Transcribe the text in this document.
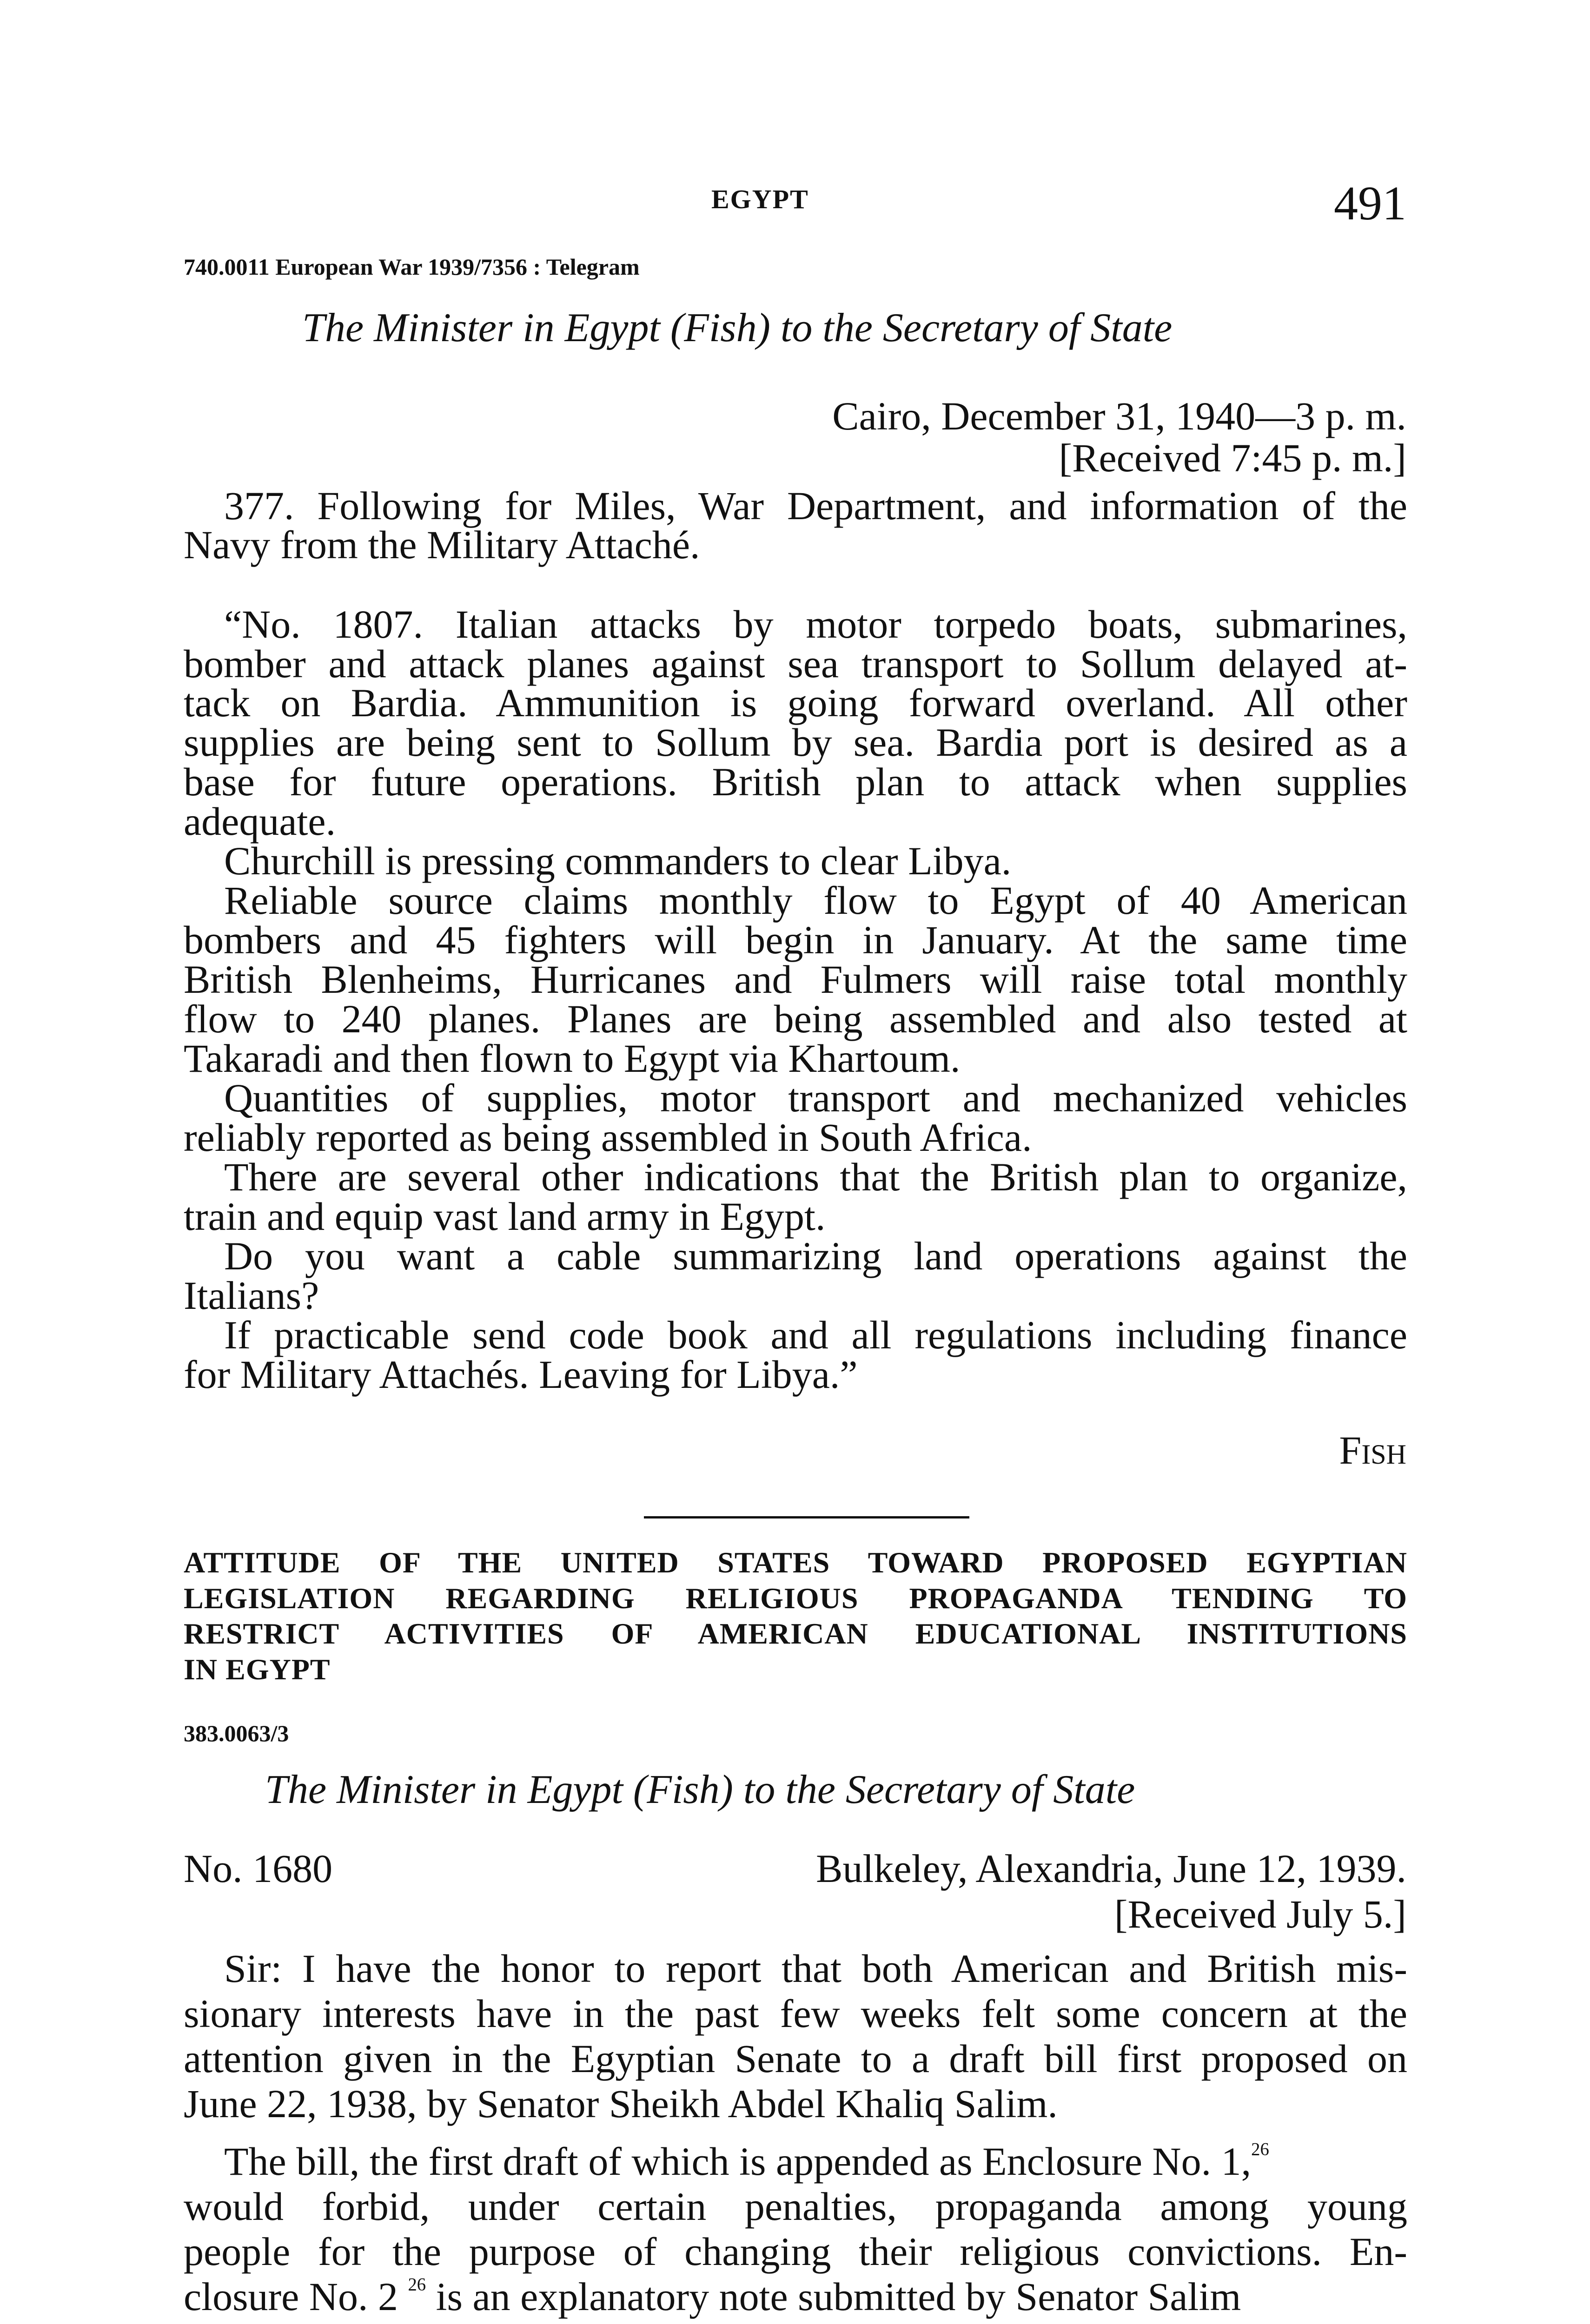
EGYPT	491
740.0011 European War 1939/7356 : Telegram
The Minister in Egypt (Fish) to the Secretary of State
Cairo, December 31, 1940—3 p. m.
[Received 7:45 p. m.]
377. Following for Miles, War Department, and information of the
Navy from the Military Attaché.
“No. 1807. Italian attacks by motor torpedo boats, submarines,
bomber and attack planes against sea transport to Sollum delayed at-
tack on Bardia. Ammunition is going forward overland. All other
supplies are being sent to Sollum by sea. Bardia port is desired as a
base for future operations. British plan to attack when supplies
adequate.
Churchill is pressing commanders to clear Libya.
Reliable source claims monthly flow to Egypt of 40 American
bombers and 45 fighters will begin in January. At the same time
British Blenheims, Hurricanes and Fulmers will raise total monthly
flow to 240 planes. Planes are being assembled and also tested at
Takaradi and then flown to Egypt via Khartoum.
Quantities of supplies, motor transport and mechanized vehicles
reliably reported as being assembled in South Africa.
There are several other indications that the British plan to organize,
train and equip vast land army in Egypt.
Do you want a cable summarizing land operations against the
Italians?
If practicable send code book and all regulations including finance
for Military Attachés. Leaving for Libya.”
Fish
ATTITUDE OF THE UNITED STATES TOWARD PROPOSED EGYPTIAN
LEGISLATION REGARDING RELIGIOUS PROPAGANDA TENDING TO
RESTRICT ACTIVITIES OF AMERICAN EDUCATIONAL INSTITUTIONS
IN EGYPT
383.0063/3
The Minister in Egypt (Fish) to the Secretary of State
No. 1680	Bulkeley, Alexandria, June 12, 1939.
[Received July 5.]
Sir: I have the honor to report that both American and British mis-
sionary interests have in the past few weeks felt some concern at the
attention given in the Egyptian Senate to a draft bill first proposed on
June 22, 1938, by Senator Sheikh Abdel Khaliq Salim.
The bill, the first draft of which is appended as Enclosure No. 1,26
would forbid, under certain penalties, propaganda among young
people for the purpose of changing their religious convictions. En-
closure No. 2 $^{26}$ is an explanatory note submitted by Senator Salim
